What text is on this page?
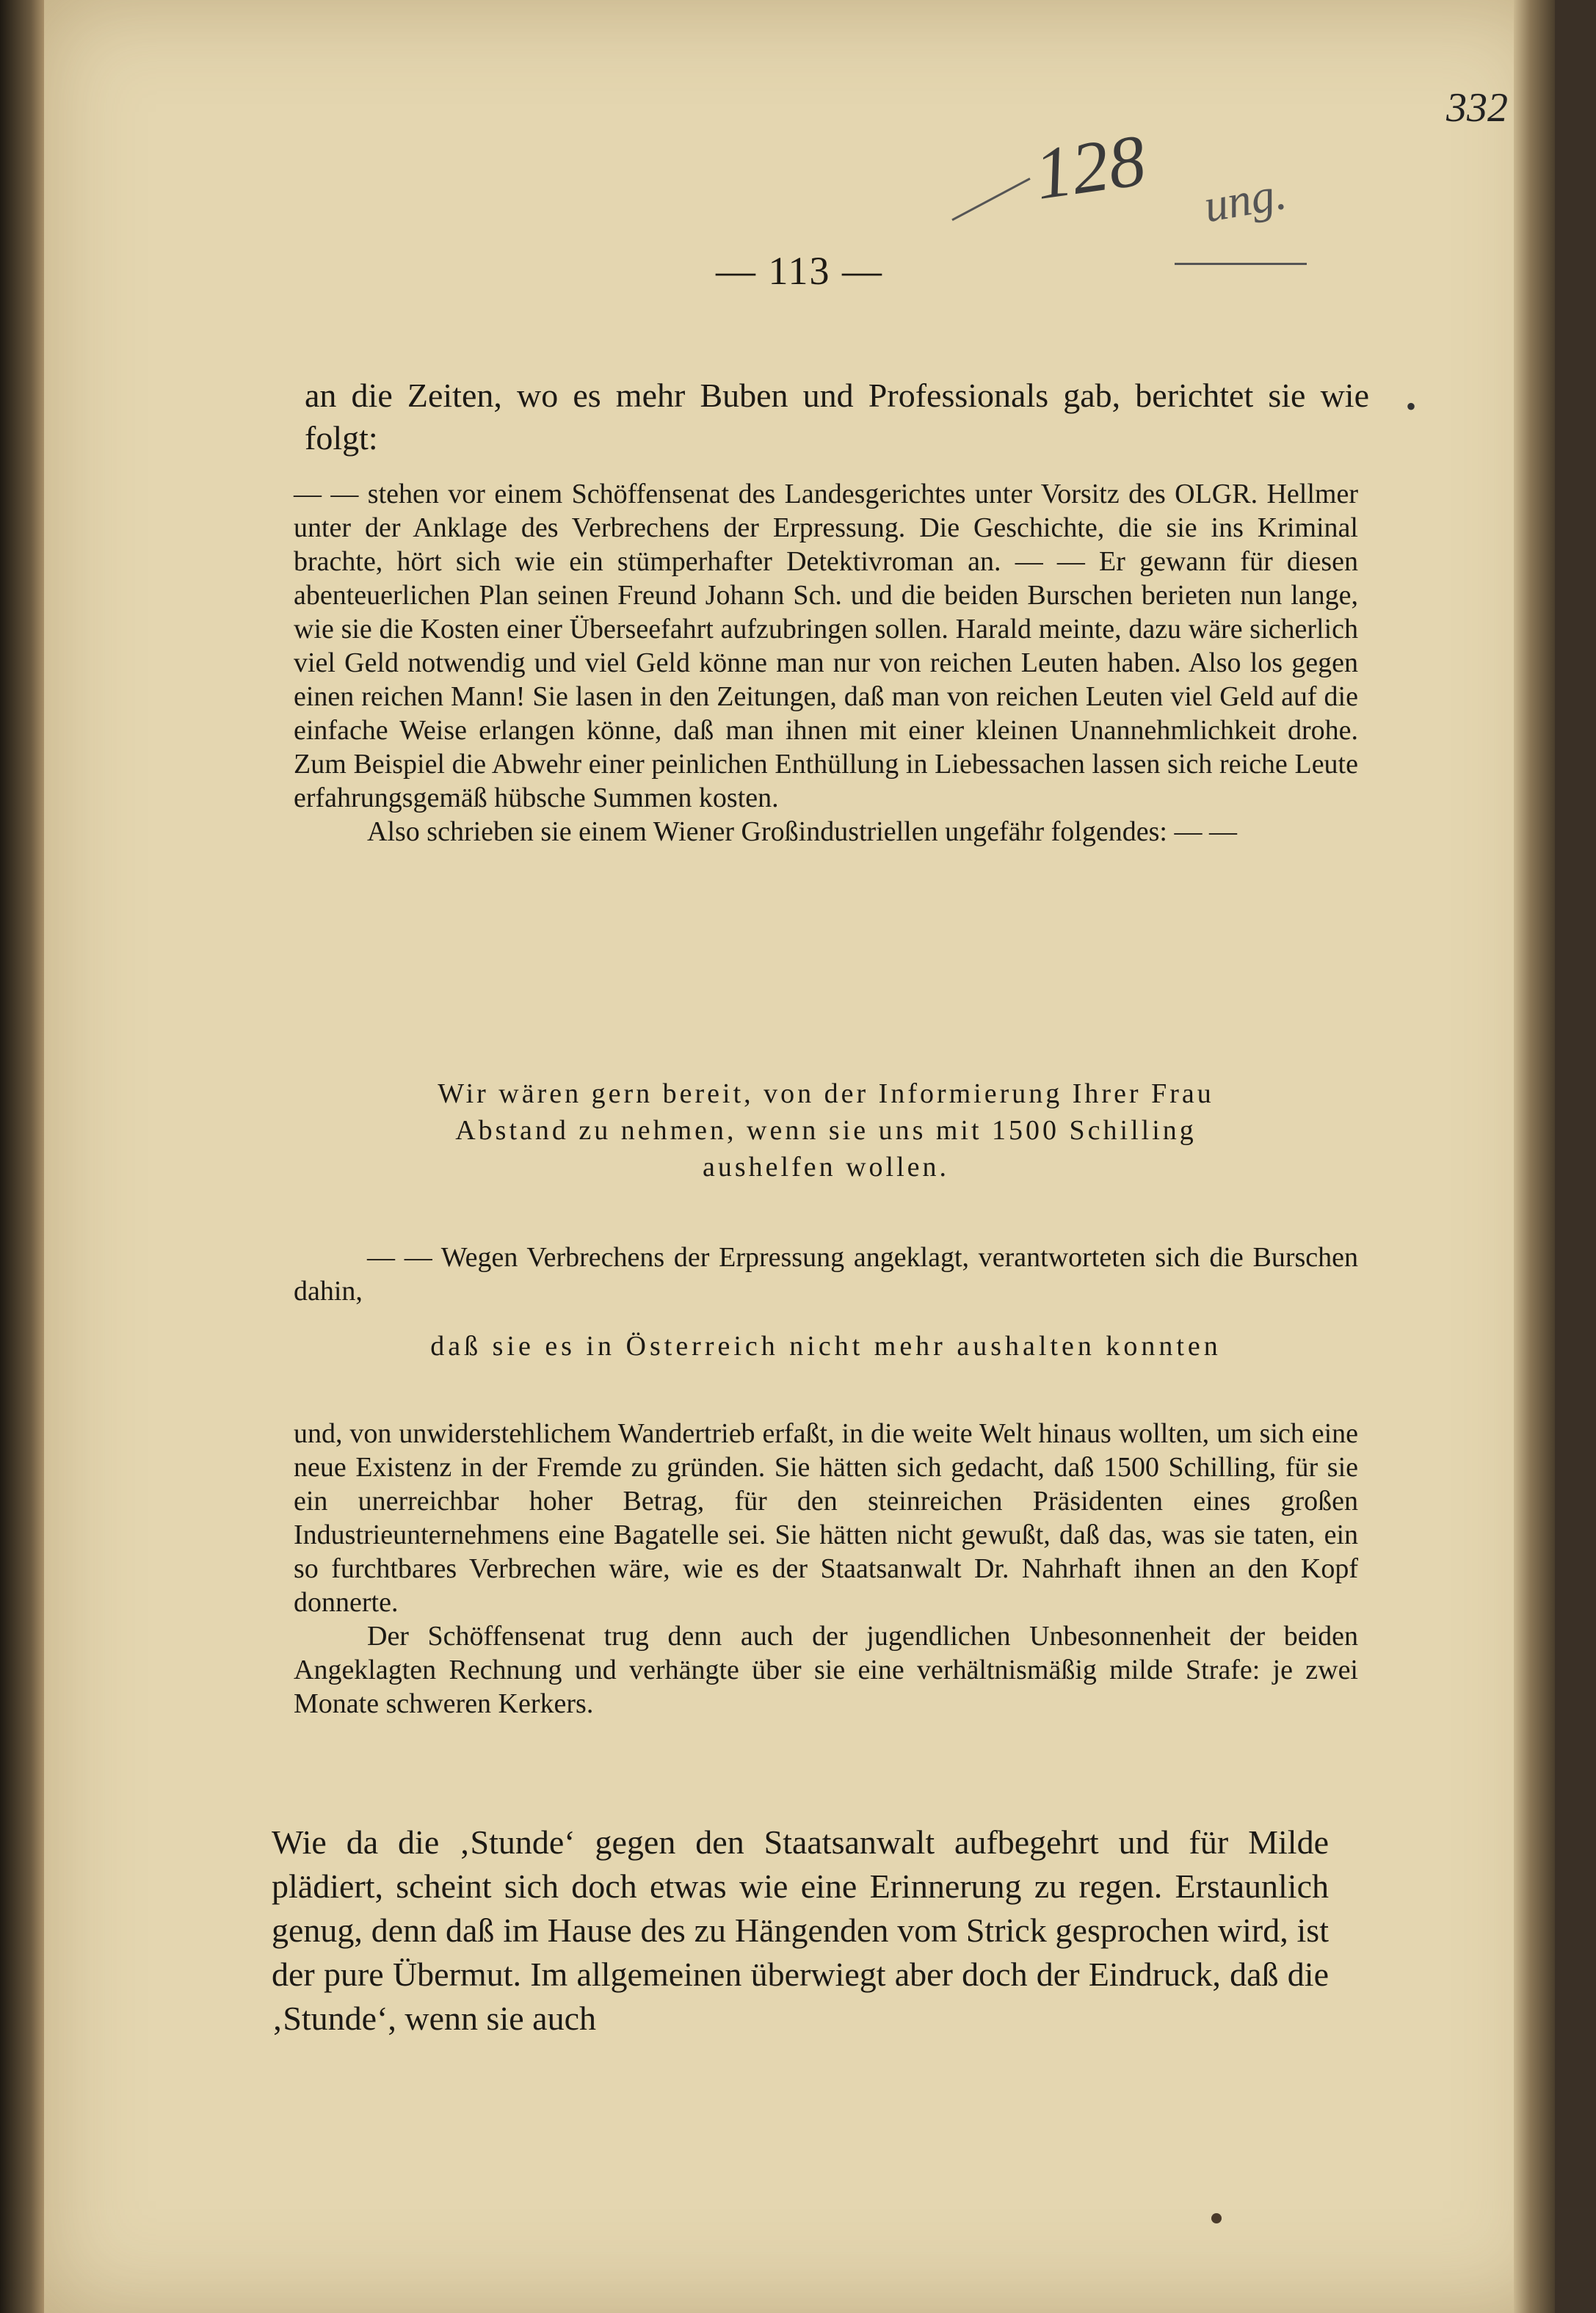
332
128 ung.
— 113 —
an die Zeiten, wo es mehr Buben und Professionals gab, berichtet sie wie folgt:
•

— — stehen vor einem Schöffensenat des Landesgerichtes unter Vorsitz des OLGR. Hellmer unter der Anklage des Verbrechens der Erpressung. Die Geschichte, die sie ins Kriminal brachte, hört sich wie ein stümperhafter Detektivroman an. — — Er gewann für diesen abenteuerlichen Plan seinen Freund Johann Sch. und die beiden Burschen berieten nun lange, wie sie die Kosten einer Überseefahrt aufzubringen sollen. Harald meinte, dazu wäre sicherlich viel Geld notwendig und viel Geld könne man nur von reichen Leuten haben. Also los gegen einen reichen Mann! Sie lasen in den Zeitungen, daß man von reichen Leuten viel Geld auf die einfache Weise erlangen könne, daß man ihnen mit einer kleinen Unannehmlichkeit drohe. Zum Beispiel die Abwehr einer peinlichen Enthüllung in Liebessachen lassen sich reiche Leute erfahrungsgemäß hübsche Summen kosten.

Also schrieben sie einem Wiener Großindustriellen ungefähr folgendes: — —

Wir wären gern bereit, von der Informierung Ihrer Frau Abstand zu nehmen, wenn sie uns mit 1500 Schilling aushelfen wollen.
— — Wegen Verbrechens der Erpressung angeklagt, verantworteten sich die Burschen dahin,
daß sie es in Österreich nicht mehr aushalten konnten

und, von unwiderstehlichem Wandertrieb erfaßt, in die weite Welt hinaus wollten, um sich eine neue Existenz in der Fremde zu gründen. Sie hätten sich gedacht, daß 1500 Schilling, für sie ein unerreichbar hoher Betrag, für den steinreichen Präsidenten eines großen Industrieunternehmens eine Bagatelle sei. Sie hätten nicht gewußt, daß das, was sie taten, ein so furchtbares Verbrechen wäre, wie es der Staatsanwalt Dr. Nahrhaft ihnen an den Kopf donnerte.

Der Schöffensenat trug denn auch der jugendlichen Unbesonnenheit der beiden Angeklagten Rechnung und verhängte über sie eine verhältnismäßig milde Strafe: je zwei Monate schweren Kerkers.

Wie da die ‚Stunde‘ gegen den Staatsanwalt aufbegehrt und für Milde plädiert, scheint sich doch etwas wie eine Erinnerung zu regen. Erstaunlich genug, denn daß im Hause des zu Hängenden vom Strick gesprochen wird, ist der pure Übermut. Im allgemeinen überwiegt aber doch der Eindruck, daß die ‚Stunde‘, wenn sie auch
